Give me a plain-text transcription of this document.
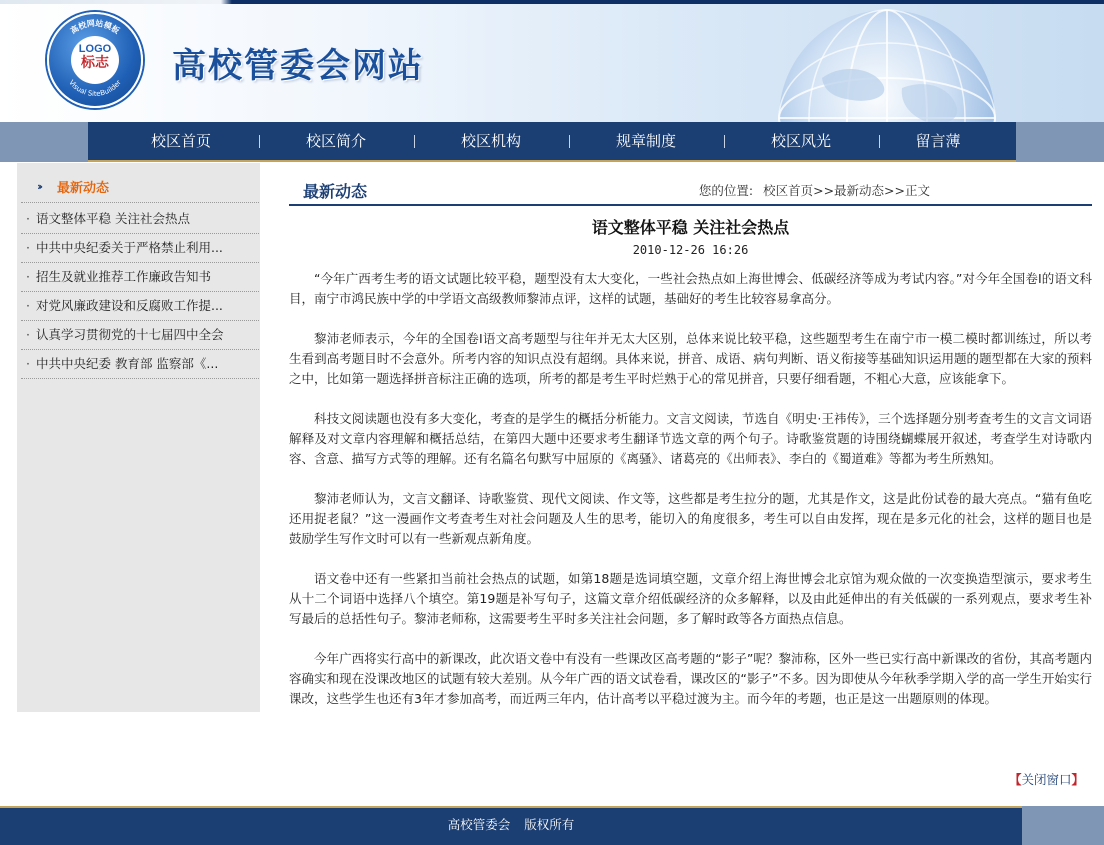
高校网站模板
Visual SiteBuilder
LOGO
标志 高校管委会网站
校区首页	校区简介	校区机构	规章制度	校区风光	留言薄
››	最新动态
· 语文整体平稳 关注社会热点
· 中共中央纪委关于严格禁止利用...
· 招生及就业推荐工作廉政告知书
· 对党风廉政建设和反腐败工作提...
· 认真学习贯彻党的十七届四中全会
· 中共中央纪委 教育部 监察部《...
最新动态	您的位置: 校区首页>>最新动态>>正文
语文整体平稳 关注社会热点
2010-12-26 16:26

“今年广西考生考的语文试题比较平稳，题型没有太大变化，一些社会热点如上海世博会、低碳经济等成为考试内容。”对今年全国卷Ⅰ的语文科目，南宁市鸿民族中学的中学语文高级教师黎沛点评，这样的试题，基础好的考生比较容易拿高分。

黎沛老师表示，今年的全国卷Ⅰ语文高考题型与往年并无太大区别，总体来说比较平稳，这些题型考生在南宁市一模二模时都训练过，所以考生看到高考题目时不会意外。所考内容的知识点没有超纲。具体来说，拼音、成语、病句判断、语义衔接等基础知识运用题的题型都在大家的预料之中，比如第一题选择拼音标注正确的选项，所考的都是考生平时烂熟于心的常见拼音，只要仔细看题，不粗心大意，应该能拿下。

科技文阅读题也没有多大变化，考查的是学生的概括分析能力。文言文阅读，节选自《明史·王祎传》，三个选择题分别考查考生的文言文词语解释及对文章内容理解和概括总结，在第四大题中还要求考生翻译节选文章的两个句子。诗歌鉴赏题的诗围绕蝴蝶展开叙述，考查学生对诗歌内容、含意、描写方式等的理解。还有名篇名句默写中屈原的《离骚》、诸葛亮的《出师表》、李白的《蜀道难》等都为考生所熟知。

黎沛老师认为，文言文翻译、诗歌鉴赏、现代文阅读、作文等，这些都是考生拉分的题，尤其是作文，这是此份试卷的最大亮点。“猫有鱼吃还用捉老鼠？”这一漫画作文考查考生对社会问题及人生的思考，能切入的角度很多，考生可以自由发挥，现在是多元化的社会，这样的题目也是鼓励学生写作文时可以有一些新观点新角度。

语文卷中还有一些紧扣当前社会热点的试题，如第18题是选词填空题，文章介绍上海世博会北京馆为观众做的一次变换造型演示，要求考生从十二个词语中选择八个填空。第19题是补写句子，这篇文章介绍低碳经济的众多解释，以及由此延伸出的有关低碳的一系列观点，要求考生补写最后的总括性句子。黎沛老师称，这需要考生平时多关注社会问题，多了解时政等各方面热点信息。

今年广西将实行高中的新课改，此次语文卷中有没有一些课改区高考题的“影子”呢？黎沛称，区外一些已实行高中新课改的省份，其高考题内容确实和现在没课改地区的试题有较大差别。从今年广西的语文试卷看，课改区的“影子”不多。因为即使从今年秋季学期入学的高一学生开始实行课改，这些学生也还有3年才参加高考，而近两三年内，估计高考以平稳过渡为主。而今年的考题，也正是这一出题原则的体现。

【关闭窗口】
高校管委会 版权所有
